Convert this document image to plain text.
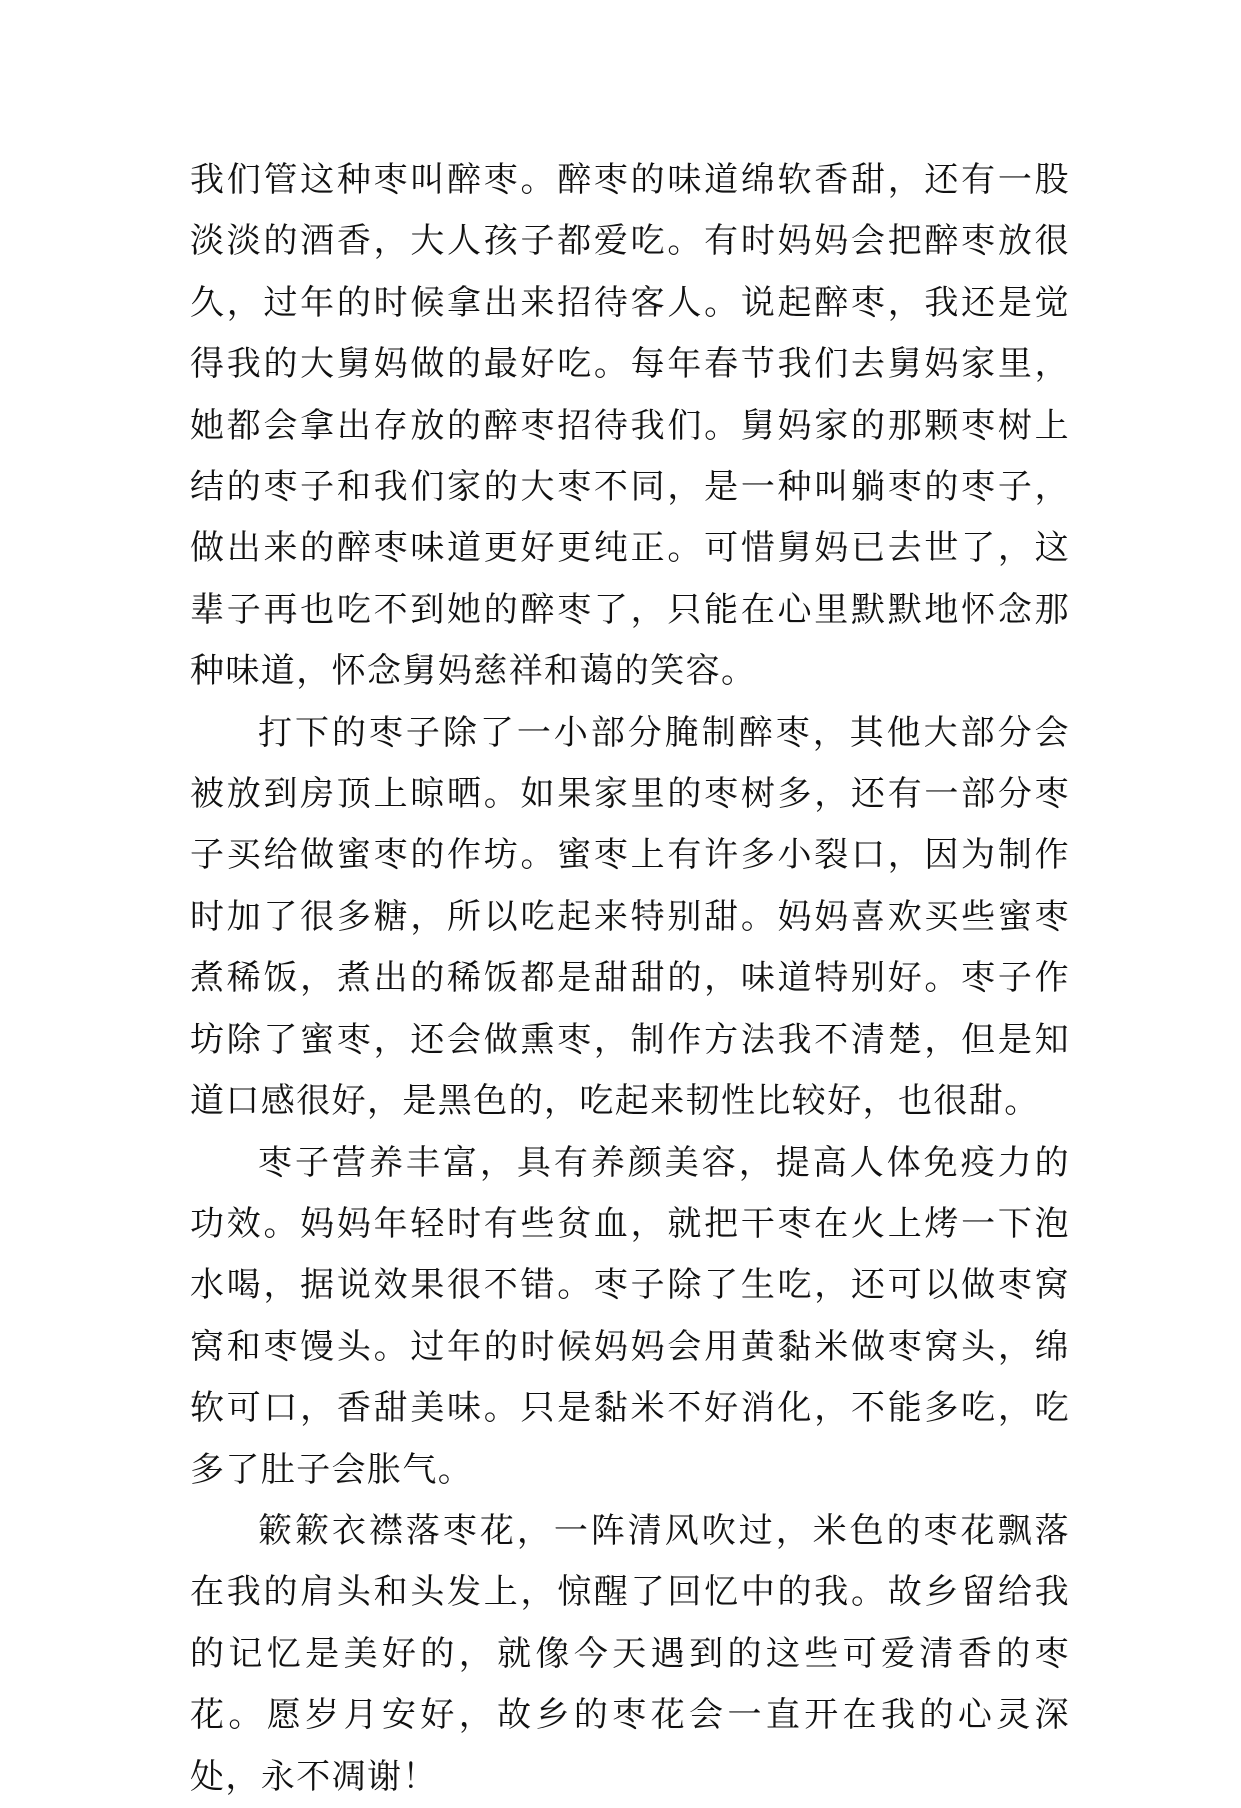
我们管这种枣叫醉枣。醉枣的味道绵软香甜，还有一股淡淡的酒香，大人孩子都爱吃。有时妈妈会把醉枣放很久，过年的时候拿出来招待客人。说起醉枣，我还是觉得我的大舅妈做的最好吃。每年春节我们去舅妈家里，她都会拿出存放的醉枣招待我们。舅妈家的那颗枣树上结的枣子和我们家的大枣不同，是一种叫躺枣的枣子，做出来的醉枣味道更好更纯正。可惜舅妈已去世了，这辈子再也吃不到她的醉枣了，只能在心里默默地怀念那种味道，怀念舅妈慈祥和蔼的笑容。

打下的枣子除了一小部分腌制醉枣，其他大部分会被放到房顶上晾晒。如果家里的枣树多，还有一部分枣子买给做蜜枣的作坊。蜜枣上有许多小裂口，因为制作时加了很多糖，所以吃起来特别甜。妈妈喜欢买些蜜枣煮稀饭，煮出的稀饭都是甜甜的，味道特别好。枣子作坊除了蜜枣，还会做熏枣，制作方法我不清楚，但是知道口感很好，是黑色的，吃起来韧性比较好，也很甜。

枣子营养丰富，具有养颜美容，提高人体免疫力的功效。妈妈年轻时有些贫血，就把干枣在火上烤一下泡水喝，据说效果很不错。枣子除了生吃，还可以做枣窝窝和枣馒头。过年的时候妈妈会用黄黏米做枣窝头，绵软可口，香甜美味。只是黏米不好消化，不能多吃，吃多了肚子会胀气。

簌簌衣襟落枣花，一阵清风吹过，米色的枣花飘落在我的肩头和头发上，惊醒了回忆中的我。故乡留给我的记忆是美好的，就像今天遇到的这些可爱清香的枣花。愿岁月安好，故乡的枣花会一直开在我的心灵深处，永不凋谢！
